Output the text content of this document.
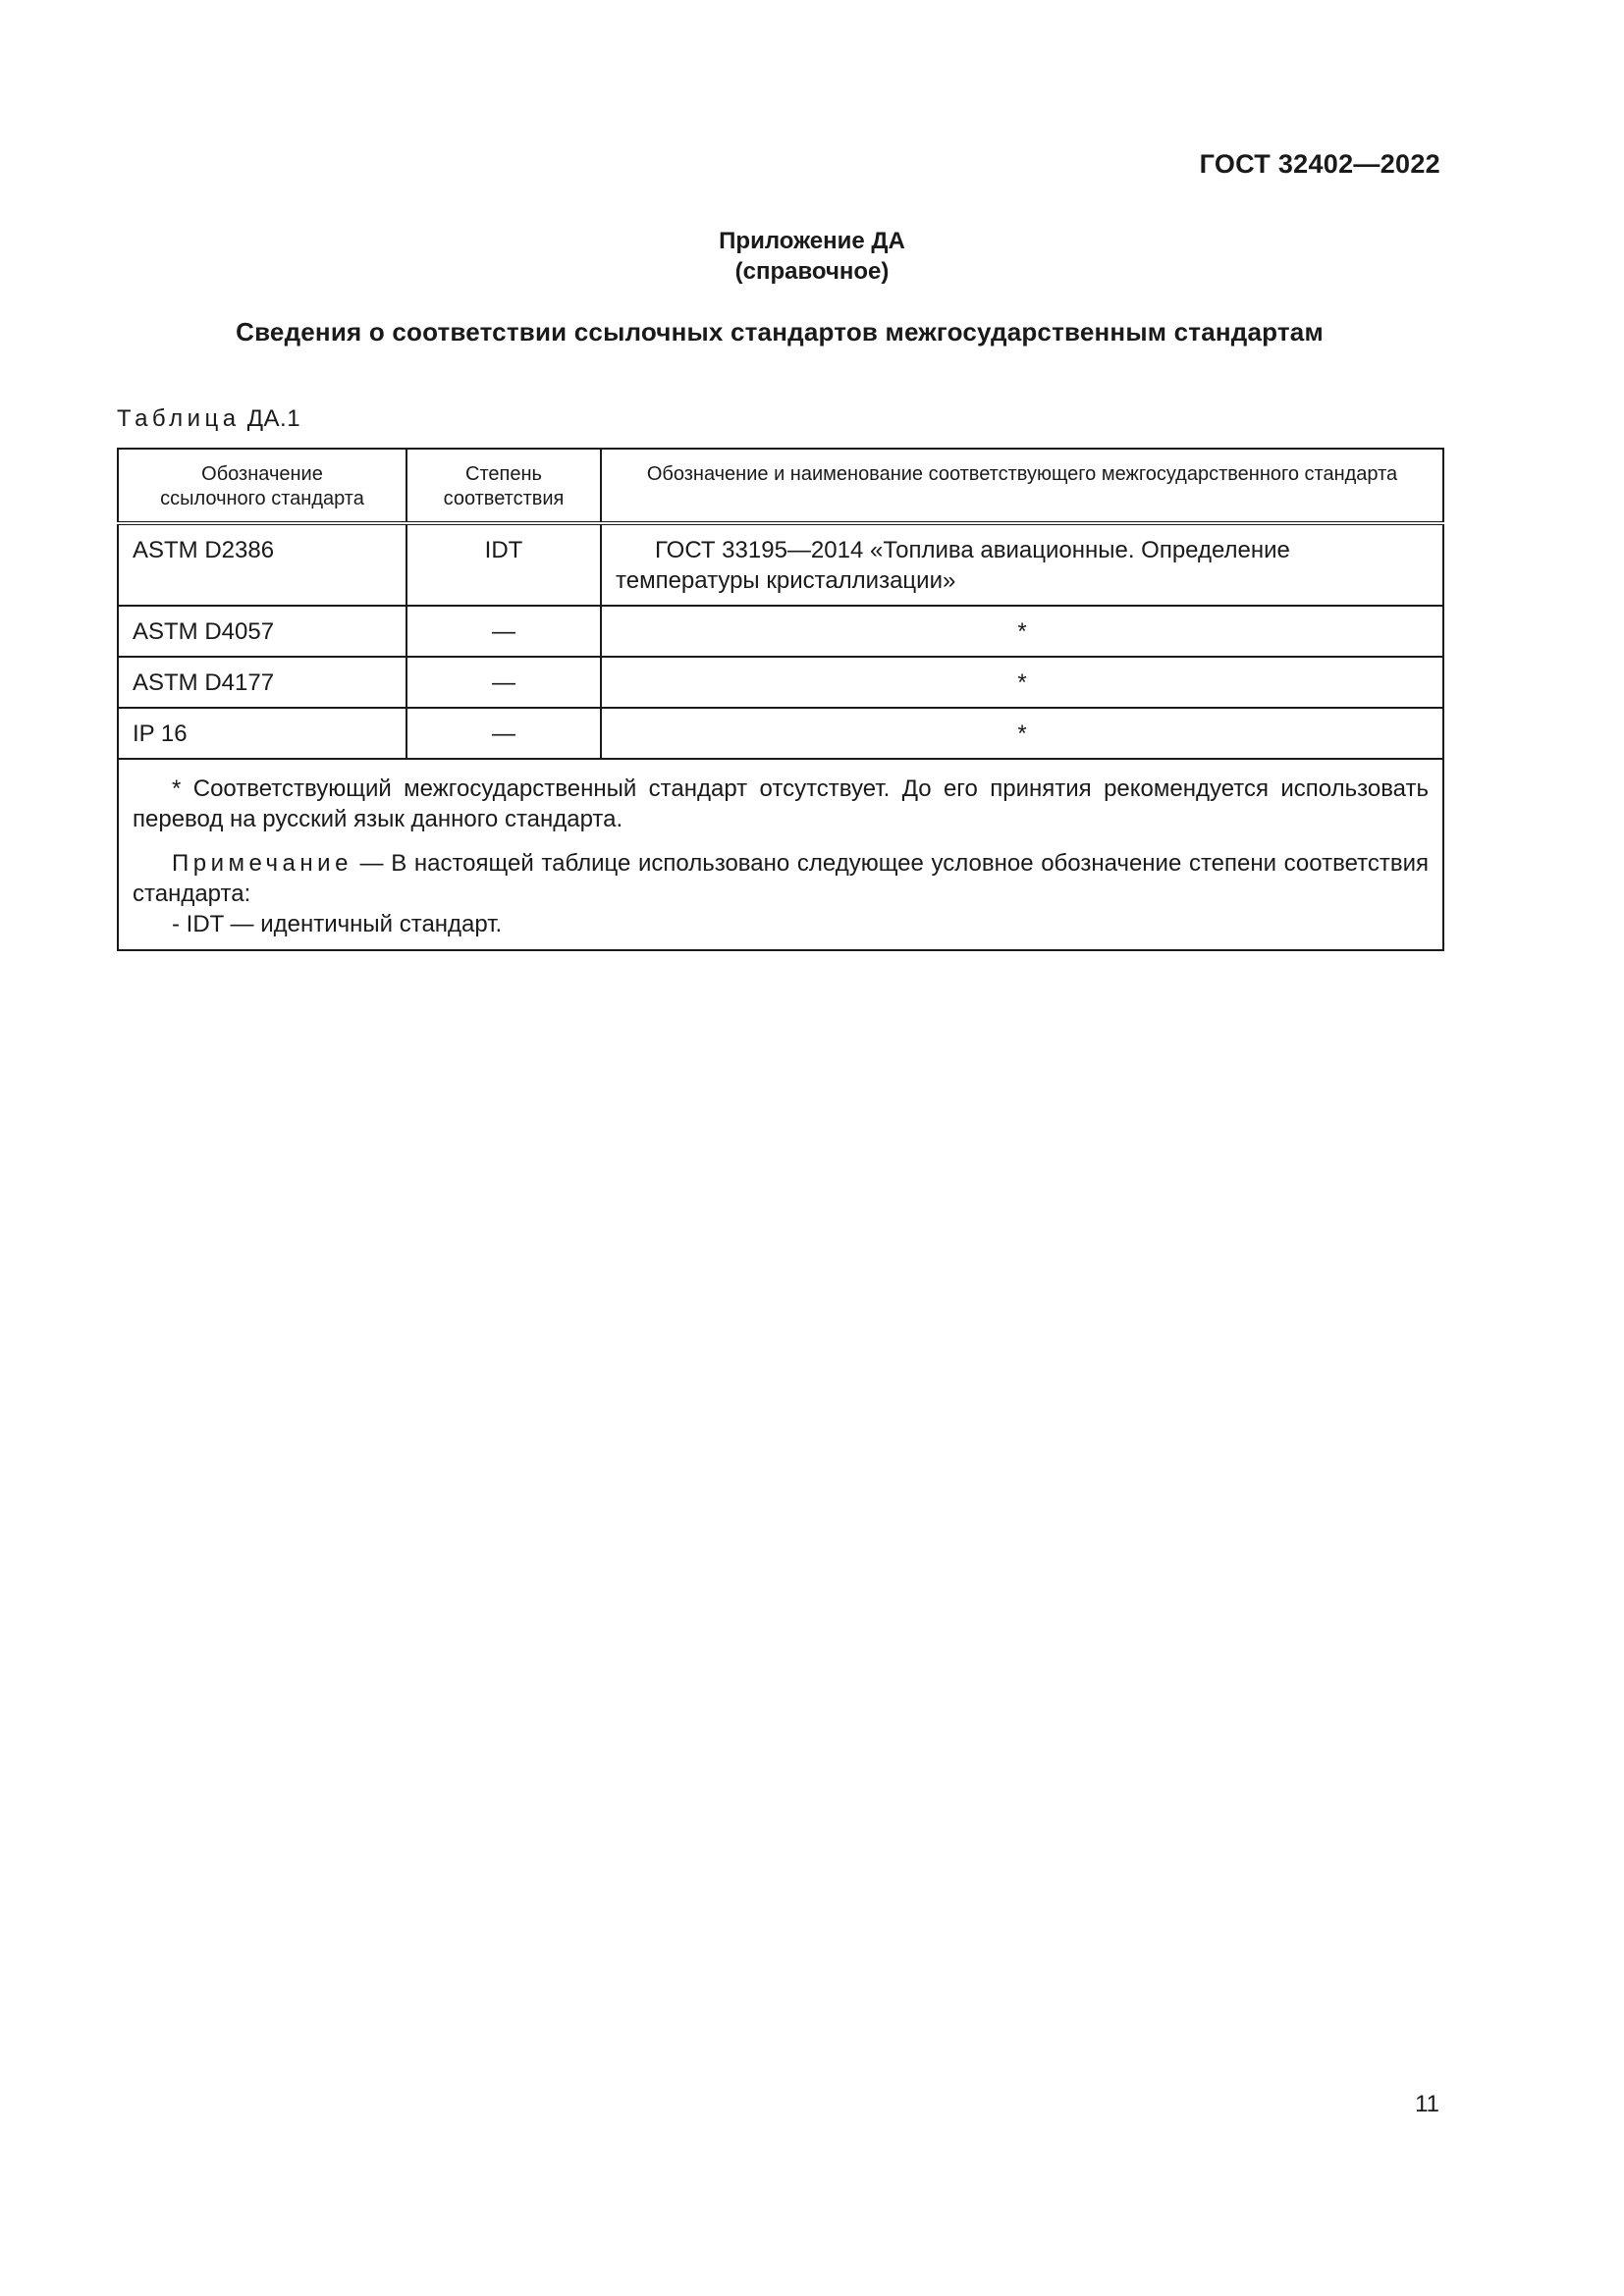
ГОСТ 32402—2022
Приложение ДА
(справочное)
Сведения о соответствии ссылочных стандартов межгосударственным стандартам
Таблица ДА.1
Обозначение ссылочного стандарта	Степень соответствия	Обозначение и наименование соответствующего межгосударственного стандарта
ASTM D2386	IDT	ГОСТ 33195—2014 «Топлива авиационные. Определение температуры кристаллизации»

ASTM D4057	—	*
ASTM D4177	—	*
IP 16	—	*

* Соответствующий межгосударственный стандарт отсутствует. До его принятия рекомендуется использовать перевод на русский язык данного стандарта.

Примечание — В настоящей таблице использовано следующее условное обозначение степени соответствия стандарта:

- IDT — идентичный стандарт.		

11
